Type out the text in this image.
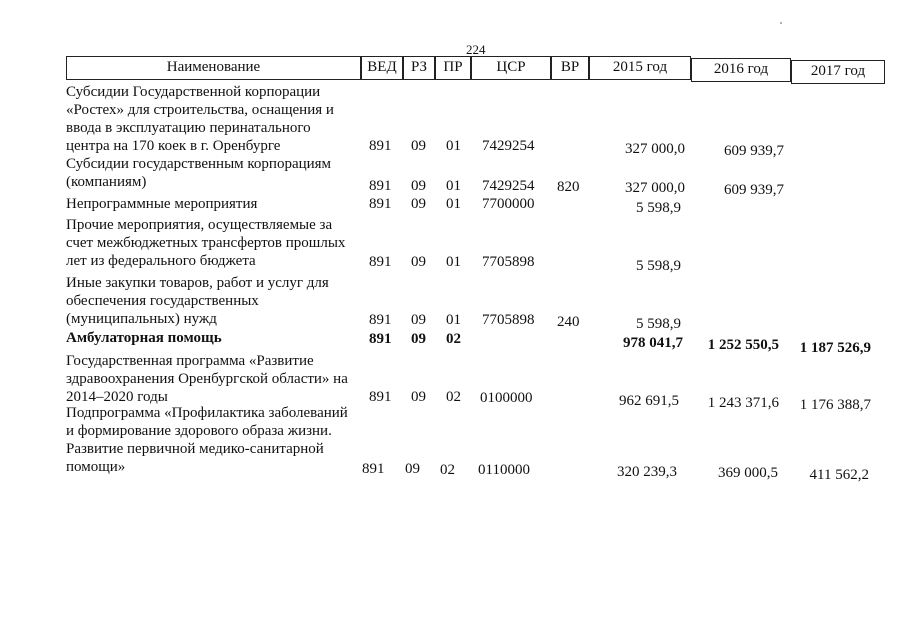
224
Наименование	ВЕД РЗ	ПР	ЦСР	ВР	2015 год	2016 год	2017 год
Субсидии Государственной корпорации «Ростех» для строительства, оснащения и ввода в эксплуатацию перинатального центра на 170 коек в г. Оренбурге	891 09 01 7429254	327 000,0	609 939,7
Субсидии государственным корпорациям (компаниям)	891 09 01 7429254 820	327 000,0	609 939,7
Непрограммные мероприятия	891 09 01 7700000	5 598,9
Прочие мероприятия, осуществляемые за счет межбюджетных трансфертов прошлых лет из федерального бюджета	891 09 01 7705898	5 598,9
Иные закупки товаров, работ и услуг для обеспечения государственных (муниципальных) нужд	891 09 01 7705898 240	5 598,9
Амбулаторная помощь	891 09 02	978 041,7	1 252 550,5	1 187 526,9
Государственная программа «Развитие здравоохранения Оренбургской области» на 2014–2020 годы	891 09 02 0100000	962 691,5	1 243 371,6	1 176 388,7
Подпрограмма «Профилактика заболеваний и формирование здорового образа жизни. Развитие первичной медико-санитарной помощи»	891 09 02 0110000	320 239,3	369 000,5	411 562,2
